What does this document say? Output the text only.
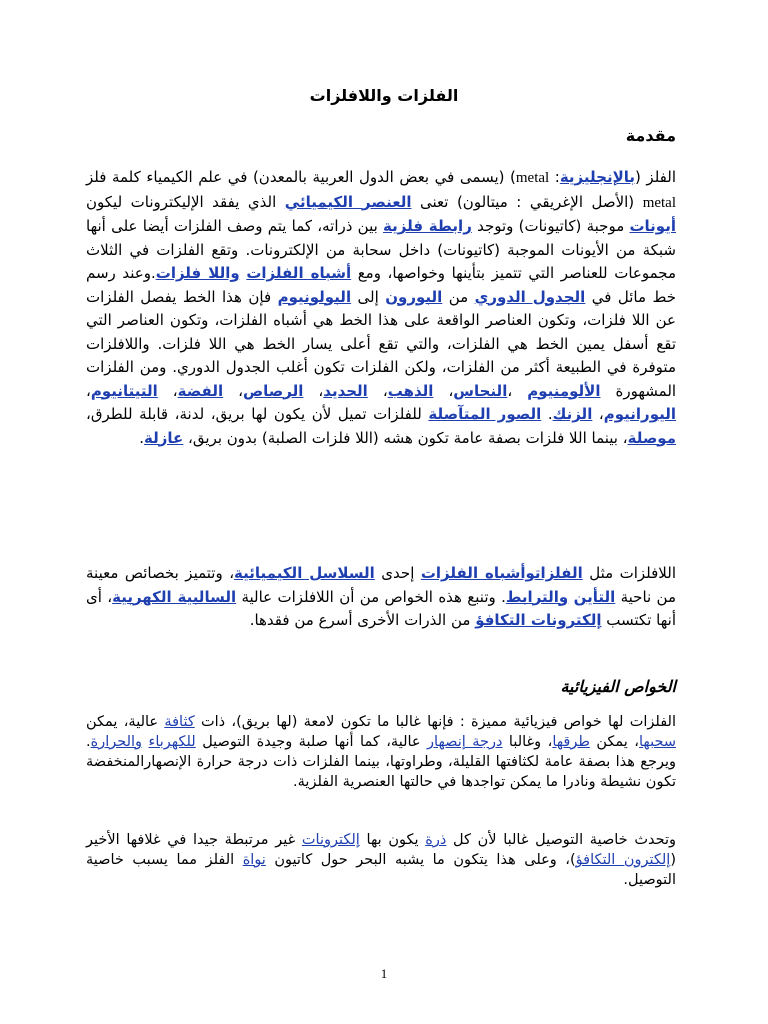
الفلزات واللافلزات
مقدمة

الفلز (بالإنجليزية: metal) (يسمى في بعض الدول العربية بالمعدن) في علم الكيمياء كلمة فلز metal (الأصل الإغريقي : ميتالون) تعنى العنصر الكيميائي الذي يفقد الإليكترونات ليكون أيونات موجبة (كاتيونات) وتوجد رابطة فلزية بين ذراته، كما يتم وصف الفلزات أيضا على أنها شبكة من الأيونات الموجبة (كاتيونات) داخل سحابة من الإلكترونات. وتقع الفلزات في الثلاث مجموعات للعناصر التي تتميز بتأينها وخواصها، ومع أشباه الفلزات واللا فلزات.وعند رسم خط مائل في الجدول الدوري من البورون إلى البولونيوم فإن هذا الخط يفصل الفلزات عن اللا فلزات، وتكون العناصر الواقعة على هذا الخط هي أشباه الفلزات، وتكون العناصر التي تقع أسفل يمين الخط هي الفلزات، والتي تقع أعلى يسار الخط هي اللا فلزات. واللافلزات متوفرة في الطبيعة أكثر من الفلزات، ولكن الفلزات تكون أغلب الجدول الدوري. ومن الفلزات المشهورة الألومنيوم ،النحاس، الذهب، الحديد، الرصاص، الفضة، التيتانيوم، اليورانيوم، الزنك. الصور المتآصلة للفلزات تميل لأن يكون لها بريق، لدنة، قابلة للطرق، موصلة، بينما اللا فلزات بصفة عامة تكون هشه (اللا فلزات الصلبة) بدون بريق، عازلة.

اللافلزات مثل الفلزاتوأشباه الفلزات إحدى السلاسل الكيميائية، وتتميز بخصائص معينة من ناحية التأين والترابط. وتنبع هذه الخواص من أن اللافلزات عالية السالبية الكهربية، أى أنها تكتسب إلكترونات التكافؤ من الذرات الأخرى أسرع من فقدها.

الخواص الفيزيائية

الفلزات لها خواص فيزيائية مميزة : فإنها غالبا ما تكون لامعة (لها بريق)، ذات كثافة عالية، يمكن سحبها، يمكن طرقها، وغالبا درجة إنصهار عالية، كما أنها صلبة وجيدة التوصيل للكهرباء والحرارة. ويرجع هذا بصفة عامة لكثافتها القليلة، وطراوتها، بينما الفلزات ذات درجة حرارة الإنصهارالمنخفضة تكون نشيطة ونادرا ما يمكن تواجدها في حالتها العنصرية الفلزية.

وتحدث خاصية التوصيل غالبا لأن كل ذرة يكون بها إلكترونات غير مرتبطة جيدا في غلافها الأخير (إلكترون التكافؤ)، وعلى هذا يتكون ما يشبه البحر حول كاتيون نواة الفلز مما يسبب خاصية التوصيل.

1
